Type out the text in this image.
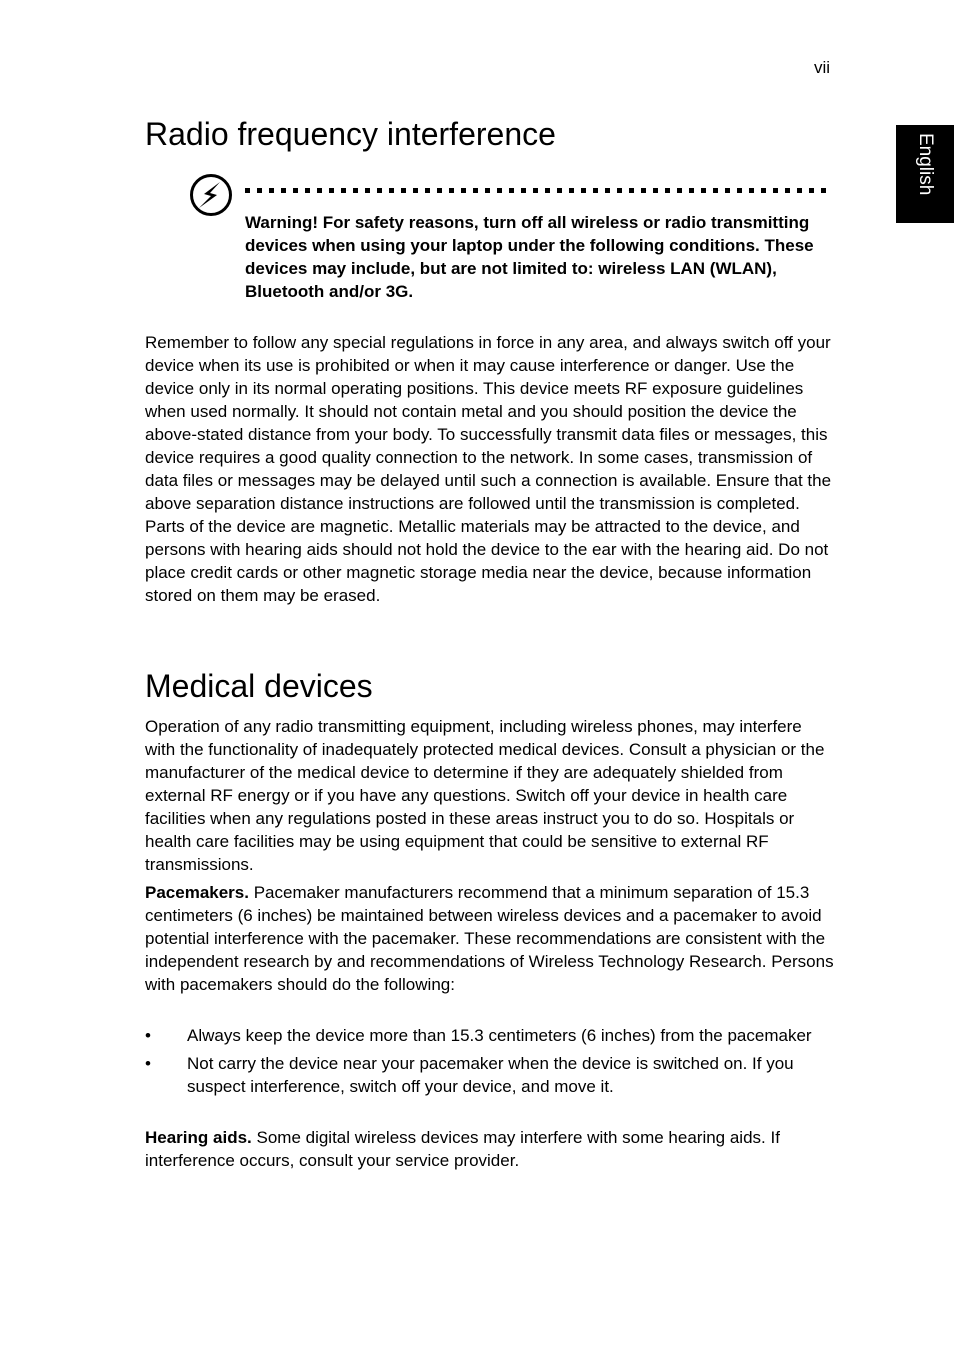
vii
English
Radio frequency interference

Warning! For safety reasons, turn off all wireless or radio transmitting devices when using your laptop under the following conditions. These devices may include, but are not limited to: wireless LAN (WLAN), Bluetooth and/or 3G.

Remember to follow any special regulations in force in any area, and always switch off your device when its use is prohibited or when it may cause interference or danger. Use the device only in its normal operating positions. This device meets RF exposure guidelines when used normally. It should not contain metal and you should position the device the above-stated distance from your body. To successfully transmit data files or messages, this device requires a good quality connection to the network. In some cases, transmission of data files or messages may be delayed until such a connection is available. Ensure that the above separation distance instructions are followed until the transmission is completed. Parts of the device are magnetic. Metallic materials may be attracted to the device, and persons with hearing aids should not hold the device to the ear with the hearing aid. Do not place credit cards or other magnetic storage media near the device, because information stored on them may be erased.

Medical devices

Operation of any radio transmitting equipment, including wireless phones, may interfere with the functionality of inadequately protected medical devices. Consult a physician or the manufacturer of the medical device to determine if they are adequately shielded from external RF energy or if you have any questions. Switch off your device in health care facilities when any regulations posted in these areas instruct you to do so. Hospitals or health care facilities may be using equipment that could be sensitive to external RF transmissions.

Pacemakers. Pacemaker manufacturers recommend that a minimum separation of 15.3 centimeters (6 inches) be maintained between wireless devices and a pacemaker to avoid potential interference with the pacemaker. These recommendations are consistent with the independent research by and recommendations of Wireless Technology Research. Persons with pacemakers should do the following:

• Always keep the device more than 15.3 centimeters (6 inches) from the pacemaker
• Not carry the device near your pacemaker when the device is switched on. If you suspect interference, switch off your device, and move it.

Hearing aids. Some digital wireless devices may interfere with some hearing aids. If interference occurs, consult your service provider.
